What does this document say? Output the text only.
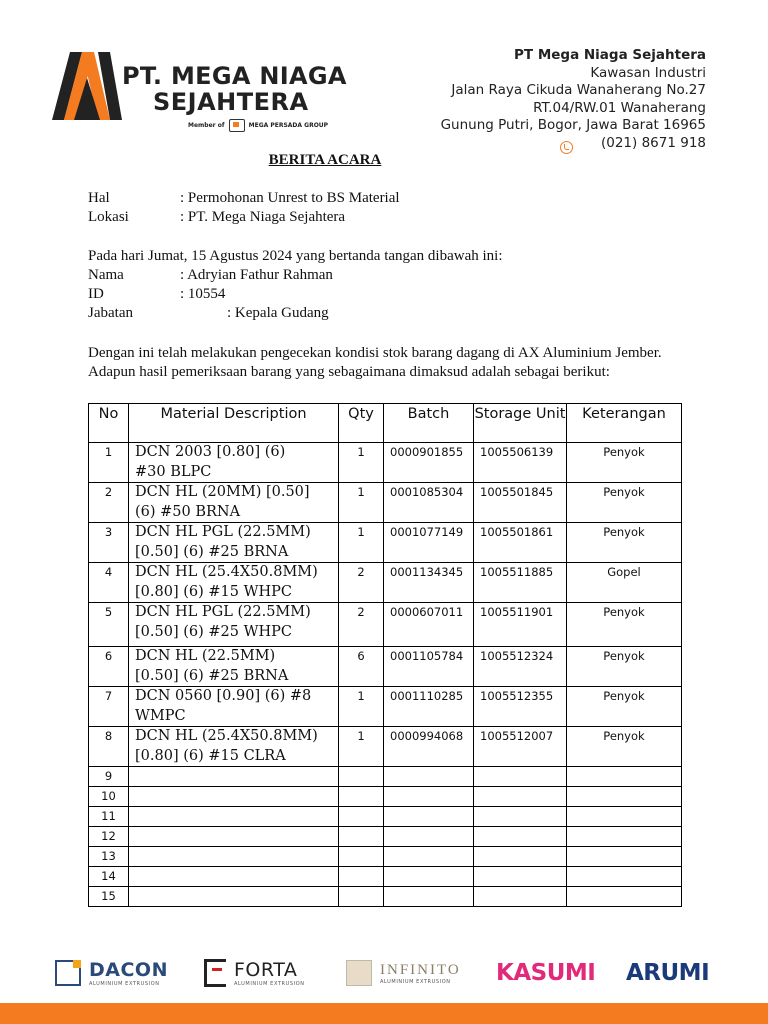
PT. MEGA NIAGA
SEJAHTERA
Member of	MEGA PERSADA GROUP
PT Mega Niaga Sejahtera
Kawasan Industri
Jalan Raya Cikuda Wanaherang No.27
RT.04/RW.01 Wanaherang
Gunung Putri, Bogor, Jawa Barat 16965
(021) 8671 918
BERITA ACARA
Hal	: Permohonan Unrest to BS Material
Lokasi	: PT. Mega Niaga Sejahtera
Pada hari Jumat, 15 Agustus 2024 yang bertanda tangan dibawah ini:
Nama	: Adryian Fathur Rahman
ID	: 10554
Jabatan	: Kepala Gudang
Dengan ini telah melakukan pengecekan kondisi stok barang dagang di AX Aluminium Jember.
Adapun hasil pemeriksaan barang yang sebagaimana dimaksud adalah sebagai berikut:
No	Material Description	Qty	Batch	Storage Unit	Keterangan
1	DCN 2003 [0.80] (6)
#30 BLPC	1	0000901855	1005506139	Penyok
2	DCN HL (20MM) [0.50]
(6) #50 BRNA	1	0001085304	1005501845	Penyok
3	DCN HL PGL (22.5MM)
[0.50] (6) #25 BRNA	1	0001077149	1005501861	Penyok
4	DCN HL (25.4X50.8MM)
[0.80] (6) #15 WHPC	2	0001134345	1005511885	Gopel
5	DCN HL PGL (22.5MM)
[0.50] (6) #25 WHPC	2	0000607011	1005511901	Penyok
6	DCN HL (22.5MM)
[0.50] (6) #25 BRNA	6	0001105784	1005512324	Penyok
7	DCN 0560 [0.90] (6) #8
WMPC	1	0001110285	1005512355	Penyok
8	DCN HL (25.4X50.8MM)
[0.80] (6) #15 CLRA	1	0000994068	1005512007	Penyok
9					
10					
11					
12					
13					
14					
15					
DACON
ALUMINIUM EXTRUSION
FORTA
ALUMINIUM EXTRUSION
INFINITO
ALUMINIUM EXTRUSION	KASUMI ARUMI
